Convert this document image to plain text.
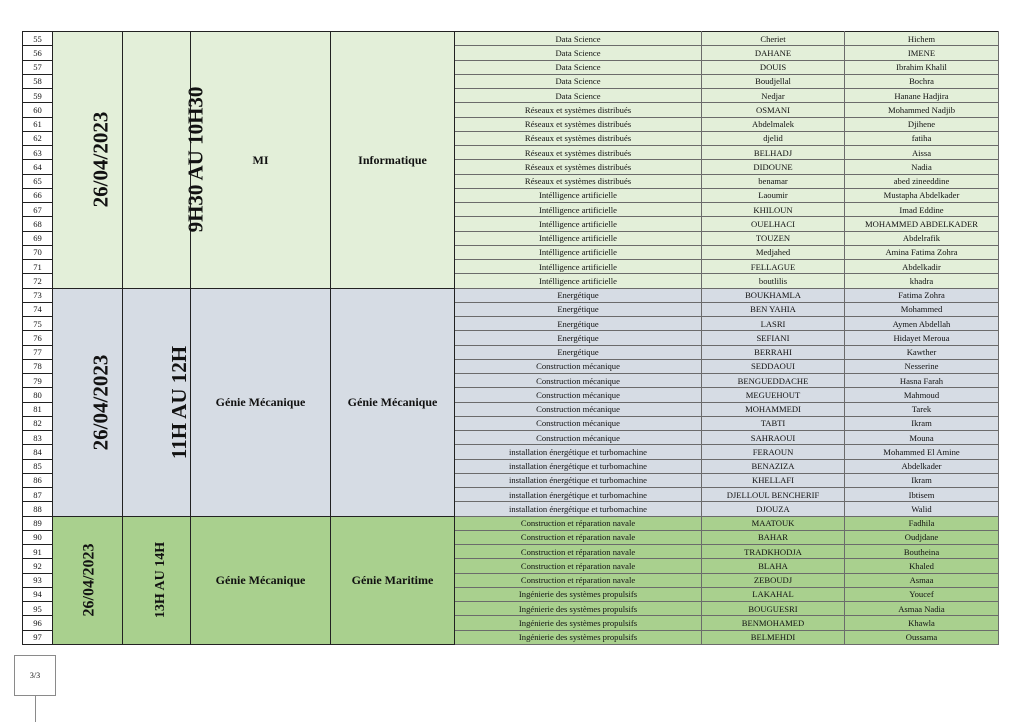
55	26/04/2023	9H30 AU 10H30	MI	Informatique	Data Science	Cheriet	Hichem
56					Data Science	DAHANE	IMENE
57					Data Science	DOUIS	Ibrahim Khalil
58					Data Science	Boudjellal	Bochra
59					Data Science	Nedjar	Hanane Hadjira
60					Réseaux et systèmes distribués	OSMANI	Mohammed Nadjib
61					Réseaux et systèmes distribués	Abdelmalek	Djihene
62					Réseaux et systèmes distribués	djelid	fatiha
63					Réseaux et systèmes distribués	BELHADJ	Aissa
64					Réseaux et systèmes distribués	DIDOUNE	Nadia
65					Réseaux et systèmes distribués	benamar	abed zineeddine
66					Intélligence artificielle	Laoumir	Mustapha Abdelkader
67					Intélligence artificielle	KHILOUN	Imad Eddine
68					Intélligence artificielle	OUELHACI	MOHAMMED ABDELKADER
69					Intélligence artificielle	TOUZEN	Abdelrafik
70					Intélligence artificielle	Medjahed	Amina Fatima Zohra
71					Intélligence artificielle	FELLAGUE	Abdelkadir
72					Intélligence artificielle	boutlilis	khadra
73	26/04/2023	11H AU 12H	Génie Mécanique	Génie Mécanique	Energétique	BOUKHAMLA	Fatima Zohra
74					Energétique	BEN YAHIA	Mohammed
75					Energétique	LASRI	Aymen Abdellah
76					Energétique	SEFIANI	Hidayet Meroua
77					Energétique	BERRAHI	Kawther
78					Construction mécanique	SEDDAOUI	Nesserine
79					Construction mécanique	BENGUEDDACHE	Hasna Farah
80					Construction mécanique	MEGUEHOUT	Mahmoud
81					Construction mécanique	MOHAMMEDI	Tarek
82					Construction mécanique	TABTI	Ikram
83					Construction mécanique	SAHRAOUI	Mouna
84					installation énergétique et turbomachine	FERAOUN	Mohammed El Amine
85					installation énergétique et turbomachine	BENAZIZA	Abdelkader
86					installation énergétique et turbomachine	KHELLAFI	Ikram
87					installation énergétique et turbomachine	DJELLOUL BENCHERIF	Ibtisem
88					installation énergétique et turbomachine	DJOUZA	Walid
89	26/04/2023	13H AU 14H	Génie Mécanique	Génie Maritime	Construction et réparation navale	MAATOUK	Fadhila
90					Construction et réparation navale	BAHAR	Oudjdane
91					Construction et réparation navale	TRADKHODJA	Boutheina
92					Construction et réparation navale	BLAHA	Khaled
93					Construction et réparation navale	ZEBOUDJ	Asmaa
94					Ingénierie des systèmes propulsifs	LAKAHAL	Youcef
95					Ingénierie des systèmes propulsifs	BOUGUESRI	Asmaa Nadia
96					Ingénierie des systèmes propulsifs	BENMOHAMED	Khawla
97					Ingénierie des systèmes propulsifs	BELMEHDI	Oussama
3/3
